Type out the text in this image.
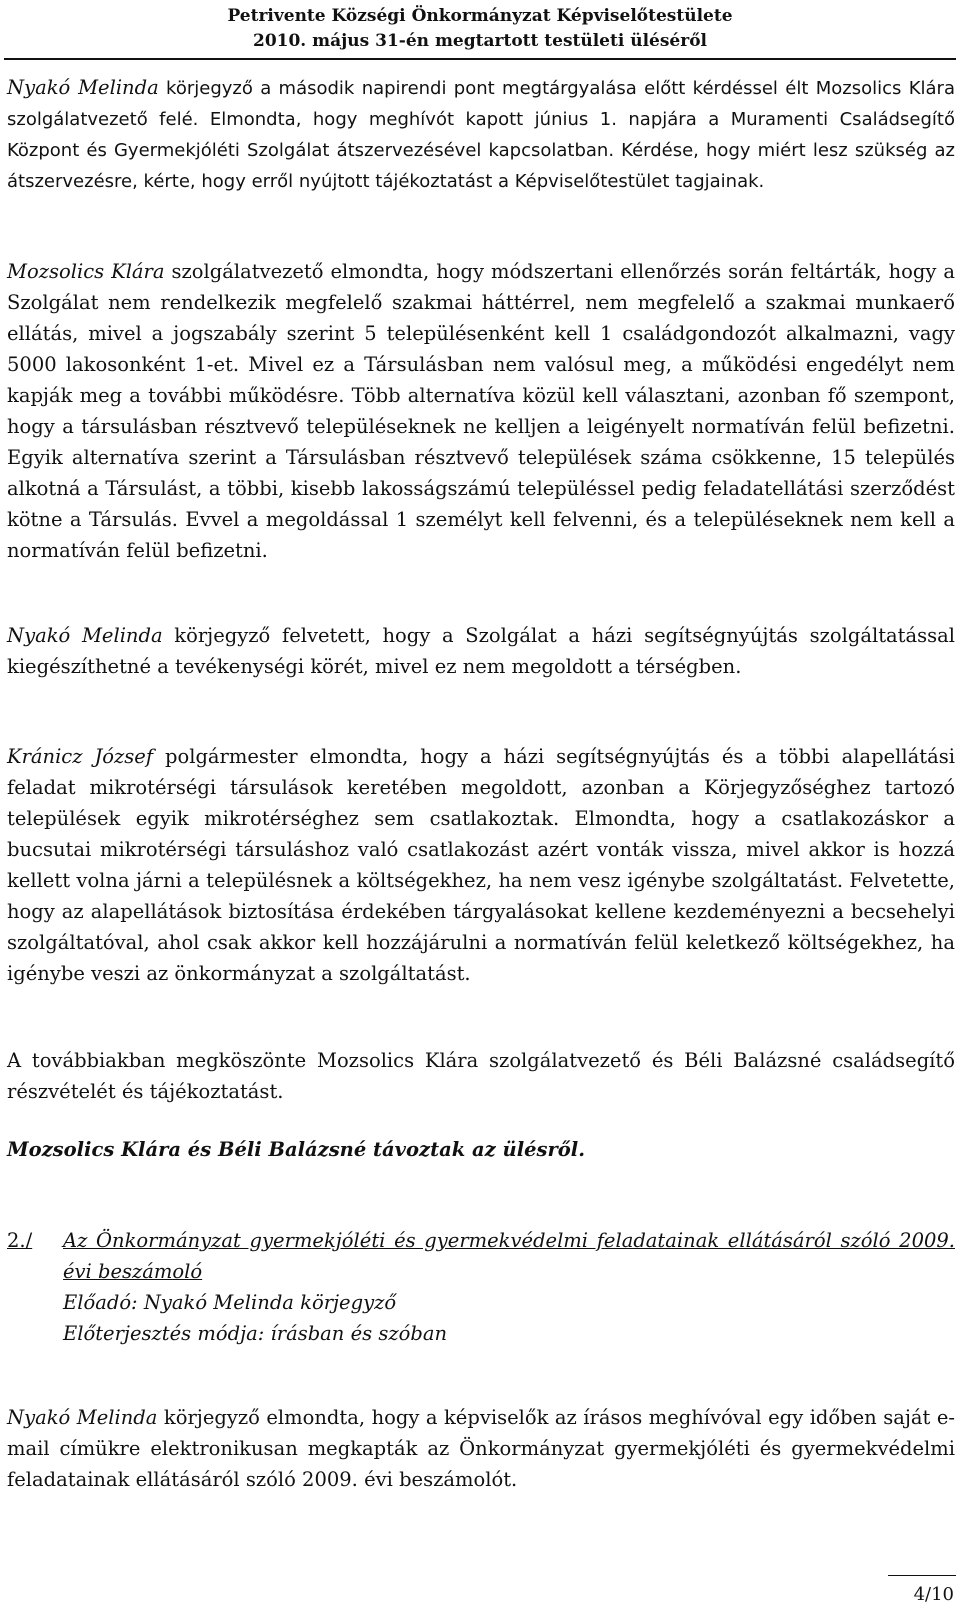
Petrivente Községi Önkormányzat Képviselőtestülete
2010. május 31-én megtartott testületi üléséről

Nyakó Melinda körjegyző a második napirendi pont megtárgyalása előtt kérdéssel élt Mozsolics Klára szolgálatvezető felé. Elmondta, hogy meghívót kapott június 1. napjára a Muramenti Családsegítő Központ és Gyermekjóléti Szolgálat átszervezésével kapcsolatban. Kérdése, hogy miért lesz szükség az átszervezésre, kérte, hogy erről nyújtott tájékoztatást a Képviselőtestület tagjainak.

Mozsolics Klára szolgálatvezető elmondta, hogy módszertani ellenőrzés során feltárták, hogy a Szolgálat nem rendelkezik megfelelő szakmai háttérrel, nem megfelelő a szakmai munkaerő ellátás, mivel a jogszabály szerint 5 településenként kell 1 családgondozót alkalmazni, vagy 5000 lakosonként 1-et. Mivel ez a Társulásban nem valósul meg, a működési engedélyt nem kapják meg a további működésre. Több alternatíva közül kell választani, azonban fő szempont, hogy a társulásban résztvevő településeknek ne kelljen a leigényelt normatíván felül befizetni. Egyik alternatíva szerint a Társulásban résztvevő települések száma csökkenne, 15 település alkotná a Társulást, a többi, kisebb lakosságszámú településsel pedig feladatellátási szerződést kötne a Társulás. Evvel a megoldással 1 személyt kell felvenni, és a településeknek nem kell a normatíván felül befizetni.

Nyakó Melinda körjegyző felvetett, hogy a Szolgálat a házi segítségnyújtás szolgáltatással kiegészíthetné a tevékenységi körét, mivel ez nem megoldott a térségben.

Kránicz József polgármester elmondta, hogy a házi segítségnyújtás és a többi alapellátási feladat mikrotérségi társulások keretében megoldott, azonban a Körjegyzőséghez tartozó települések egyik mikrotérséghez sem csatlakoztak. Elmondta, hogy a csatlakozáskor a bucsutai mikrotérségi társuláshoz való csatlakozást azért vonták vissza, mivel akkor is hozzá kellett volna járni a településnek a költségekhez, ha nem vesz igénybe szolgáltatást. Felvetette, hogy az alapellátások biztosítása érdekében tárgyalásokat kellene kezdeményezni a becsehelyi szolgáltatóval, ahol csak akkor kell hozzájárulni a normatíván felül keletkező költségekhez, ha igénybe veszi az önkormányzat a szolgáltatást.

A továbbiakban megköszönte Mozsolics Klára szolgálatvezető és Béli Balázsné családsegítő részvételét és tájékoztatást.

Mozsolics Klára és Béli Balázsné távoztak az ülésről.

2./ Az Önkormányzat gyermekjóléti és gyermekvédelmi feladatainak ellátásáról szóló 2009. évi beszámoló
Előadó: Nyakó Melinda körjegyző
Előterjesztés módja: írásban és szóban

Nyakó Melinda körjegyző elmondta, hogy a képviselők az írásos meghívóval egy időben saját e-mail címükre elektronikusan megkapták az Önkormányzat gyermekjóléti és gyermekvédelmi feladatainak ellátásáról szóló 2009. évi beszámolót.

4/10
